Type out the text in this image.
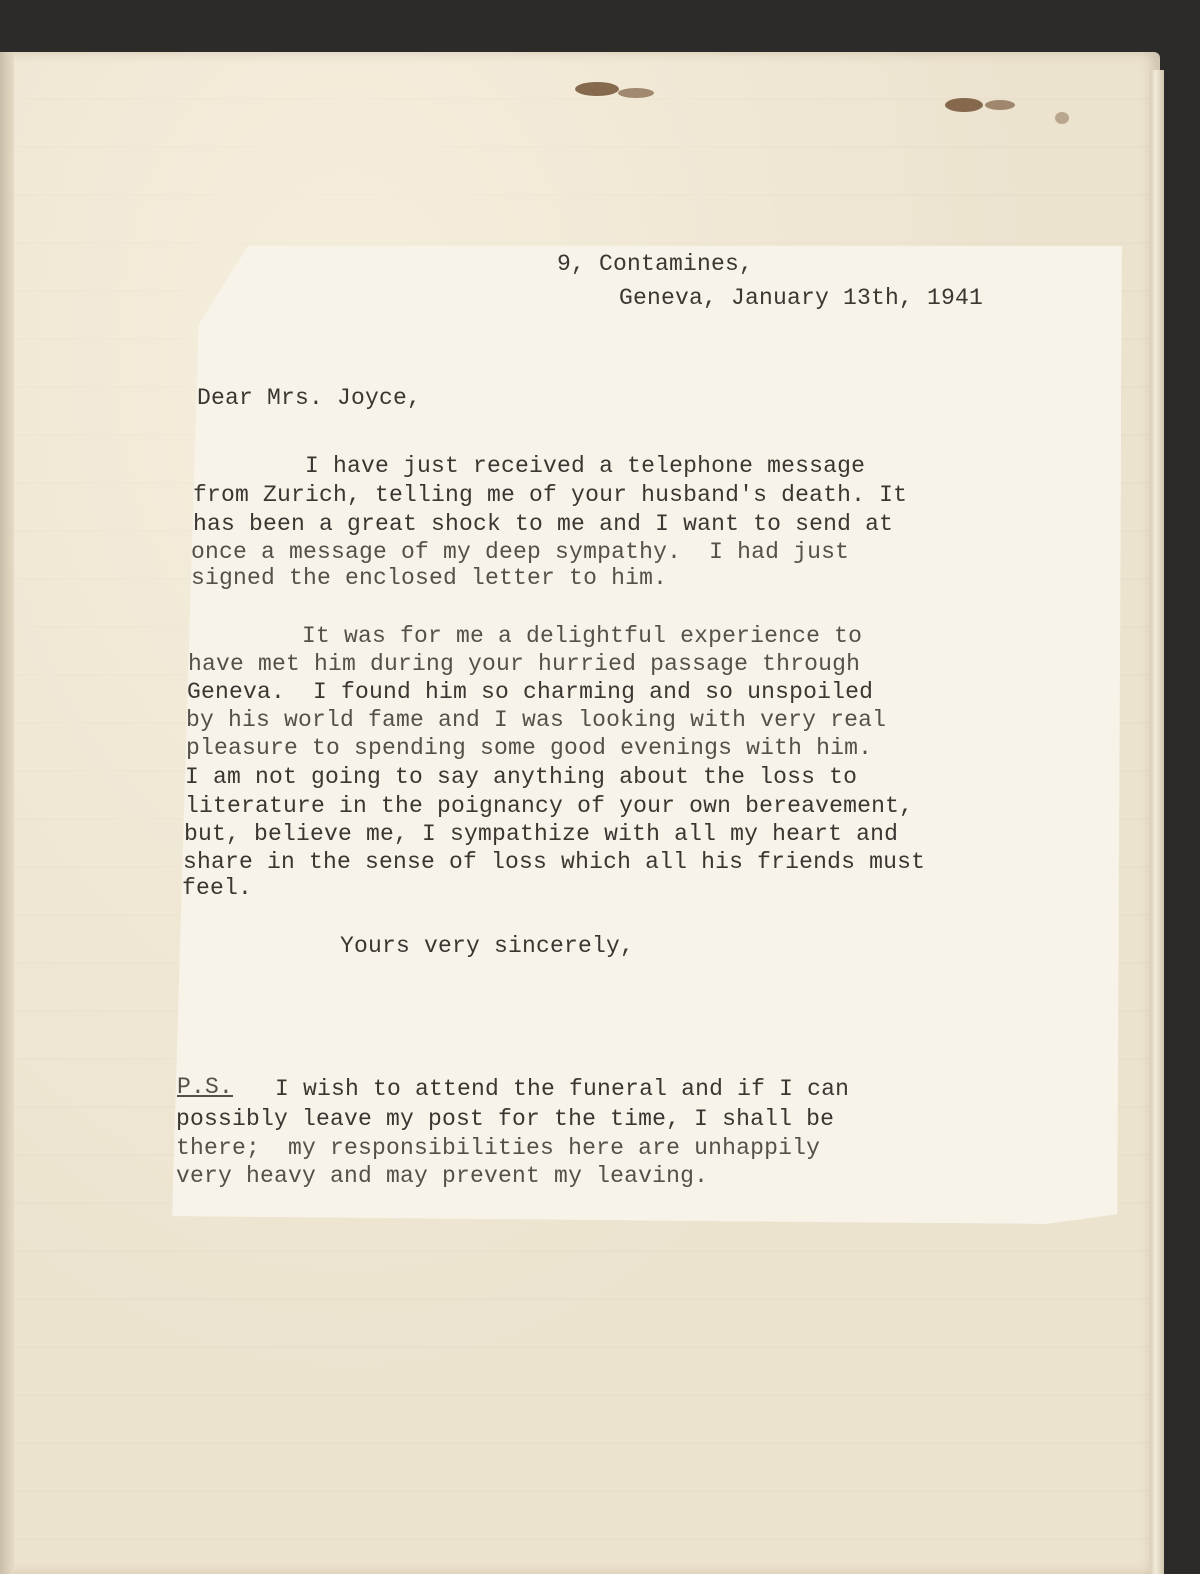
9, Contamines,
Geneva, January 13th, 1941
Dear Mrs. Joyce,
I have just received a telephone message
from Zurich, telling me of your husband's death. It
has been a great shock to me and I want to send at
once a message of my deep sympathy.  I had just
signed the enclosed letter to him.
It was for me a delightful experience to
have met him during your hurried passage through
Geneva.  I found him so charming and so unspoiled
by his world fame and I was looking with very real
pleasure to spending some good evenings with him.
I am not going to say anything about the loss to
literature in the poignancy of your own bereavement,
but, believe me, I sympathize with all my heart and
share in the sense of loss which all his friends must
feel.
Yours very sincerely,
P.S. I wish to attend the funeral and if I can
possibly leave my post for the time, I shall be
there;  my responsibilities here are unhappily
very heavy and may prevent my leaving.
